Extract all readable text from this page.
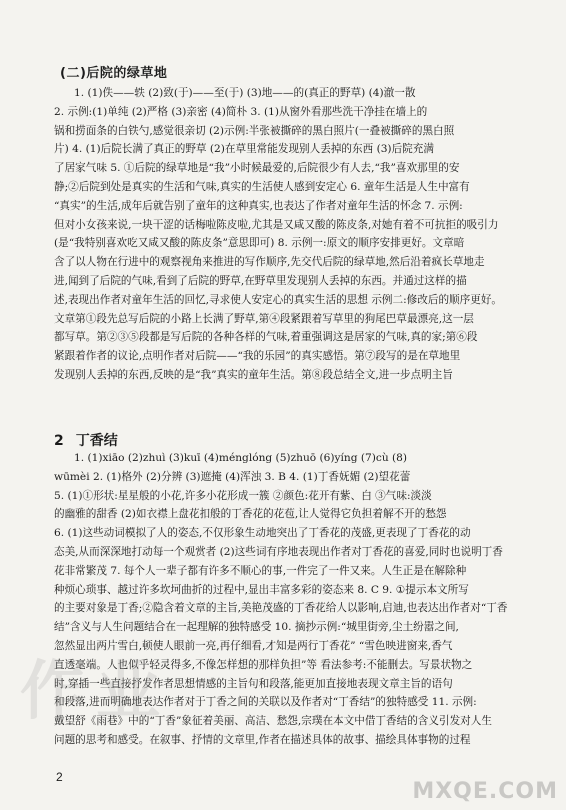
(二)后院的绿草地
1. (1)佚——轶 (2)致(于)——至(于) (3)地——的(真正的野草) (4)澈一散
2. 示例:(1)单纯 (2)严格 (3)亲密 (4)简朴 3. (1)从窗外看那些洗干净挂在墙上的
锅和捞面条的白铁勺,感觉很亲切 (2)示例:半张被撕碎的黑白照片(一叠被撕碎的黑白照
片) 4. (1)后院长满了真正的野草 (2)在草里常能发现别人丢掉的东西 (3)后院充满
了居家气味 5. ①后院的绿草地是“我”小时候最爱的,后院很少有人去,“我”喜欢那里的安
静;②后院到处是真实的生活和气味,真实的生活使人感到安定心 6. 童年生活是人生中富有
“真实”的生活,成年后就告别了童年的这种真实,也表达了作者对童年生活的怀念 7. 示例:
但对小女孩来说,一块干涩的话梅啦陈皮啦,尤其是又咸又酸的陈皮条,对她有着不可抗拒的吸引力
(是“我特别喜欢吃又咸又酸的陈皮条”意思即可) 8. 示例一:原文的顺序安排更好。文章暗
含了以人物在行进中的观察视角来推进的写作顺序,先交代后院的绿草地,然后沿着疯长草地走
进,闻到了后院的气味,看到了后院的野草,在野草里发现别人丢掉的东西。并通过这样的描
述,表现出作者对童年生活的回忆,寻求使人安定心的真实生活的思想 示例二:修改后的顺序更好。
文章第①段先总写后院的小路上长满了野草,第④段紧跟着写草里的狗尾巴草最漂亮,这一层
都写草。第②③⑤段都是写后院的各种各样的气味,着重强调这是居家的气味,真的家;第⑥段
紧跟着作者的议论,点明作者对后院——“我的乐园”的真实感悟。第⑦段写的是在草地里
发现别人丢掉的东西,反映的是“我”真实的童年生活。第⑧段总结全文,进一步点明主旨
2 丁香结
1. (1)xiāo (2)zhuì (3)kuī (4)ménglóng (5)zhuō (6)yíng (7)cù (8)
wūmèi 2. (1)格外 (2)分辨 (3)遮掩 (4)浑浊 3. B 4. (1)丁香妩媚 (2)望花蕾
5. (1)①形状:星星般的小花,许多小花形成一簇 ②颜色:花开有紫、白 ③气味:淡淡
的幽雅的甜香 (2)如衣襟上盘花扣般的丁香花的花苞,让人觉得它负担着解不开的愁怨
6. (1)这些动词模拟了人的姿态,不仅形象生动地突出了丁香花的茂盛,更表现了丁香花的动
态美,从而深深地打动每一个观赏者 (2)这些词有序地表现出作者对丁香花的喜爱,同时也说明丁香
花非常繁茂 7. 每个人一辈子都有许多不顺心的事,一件完了一件又来。人生正是在解除种
种烦心琐事、越过许多坎坷曲折的过程中,显出丰富多彩的姿态来 8. C 9. ①提示本文所写
的主要对象是丁香;②隐含着文章的主旨,美艳茂盛的丁香花给人以影响,启迪,也表达出作者对“丁香
结”含义与人生问题结合在一起理解的独特感受 10. 摘抄示例:“城里街旁,尘土纷嚣之间,
忽然显出两片雪白,顿使人眼前一亮,再仔细看,才知是两行丁香花” “雪色映进窗来,香气
直透毫端。人也似乎轻灵得多,不像怎样想的那样负担”等 看法参考:不能删去。写景状物之
时,穿插一些直接抒发作者思想情感的主旨句和段落,能更加直接地表现文章主旨的语句
和段落,进而明确地表达作者对于丁香之间的关联以及作者对“丁香结”的独特感受 11. 示例:
戴望舒《雨巷》中的“丁香”象征着美丽、高洁、愁怨,宗璞在本文中借丁香结的含义引发对人生
问题的思考和感受。在叙事、抒情的文章里,作者在描述具体的故事、描绘具体事物的过程
2
作业
MXQE.COM
